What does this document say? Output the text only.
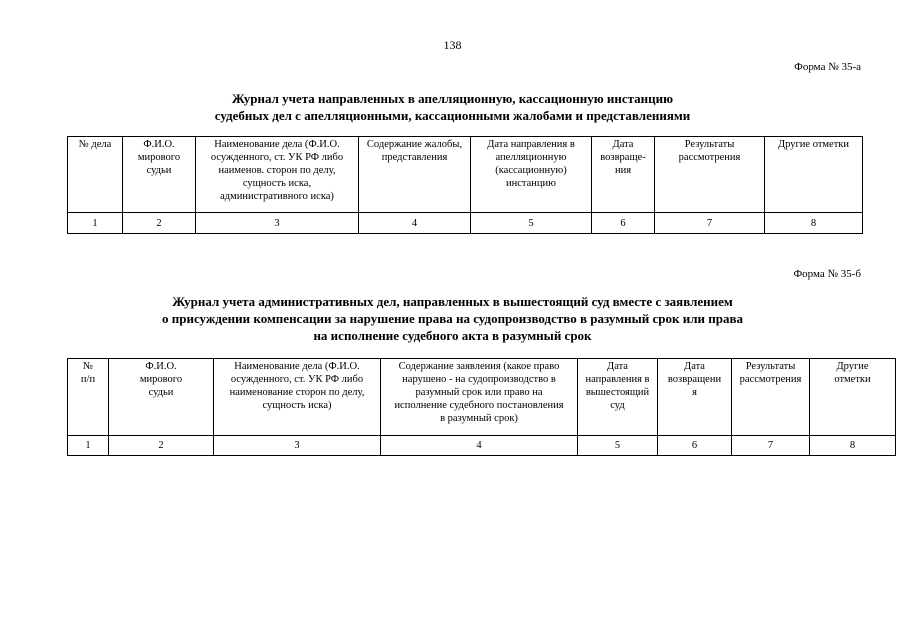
138
Форма № 35-а
Журнал учета направленных в апелляционную, кассационную инстанцию
судебных дел с апелляционными, кассационными жалобами и представлениями
№ дела	Ф.И.О.
мирового
судьи	Наименование дела (Ф.И.О.
осужденного, ст. УК РФ либо
наименов. сторон по делу,
сущность иска,
административного иска)	Содержание жалобы,
представления	Дата направления в
апелляционную
(кассационную)
инстанцию	Дата
возвраще-
ния	Результаты
рассмотрения	Другие отметки
1	2	3	4	5	6	7	8
Форма № 35-б
Журнал учета административных дел, направленных в вышестоящий суд вместе с заявлением
о присуждении компенсации за нарушение права на судопроизводство в разумный срок или права
на исполнение судебного акта в разумный срок
№
п/п	Ф.И.О.
мирового
судьи	Наименование дела (Ф.И.О.
осужденного, ст. УК РФ либо
наименование сторон по делу,
сущность иска)	Содержание заявления (какое право
нарушено - на судопроизводство в
разумный срок или право на
исполнение судебного постановления
в разумный срок)	Дата
направления в
вышестоящий
суд	Дата
возвращени
я	Результаты
рассмотрения	Другие
отметки
1	2	3	4	5	6	7	8
